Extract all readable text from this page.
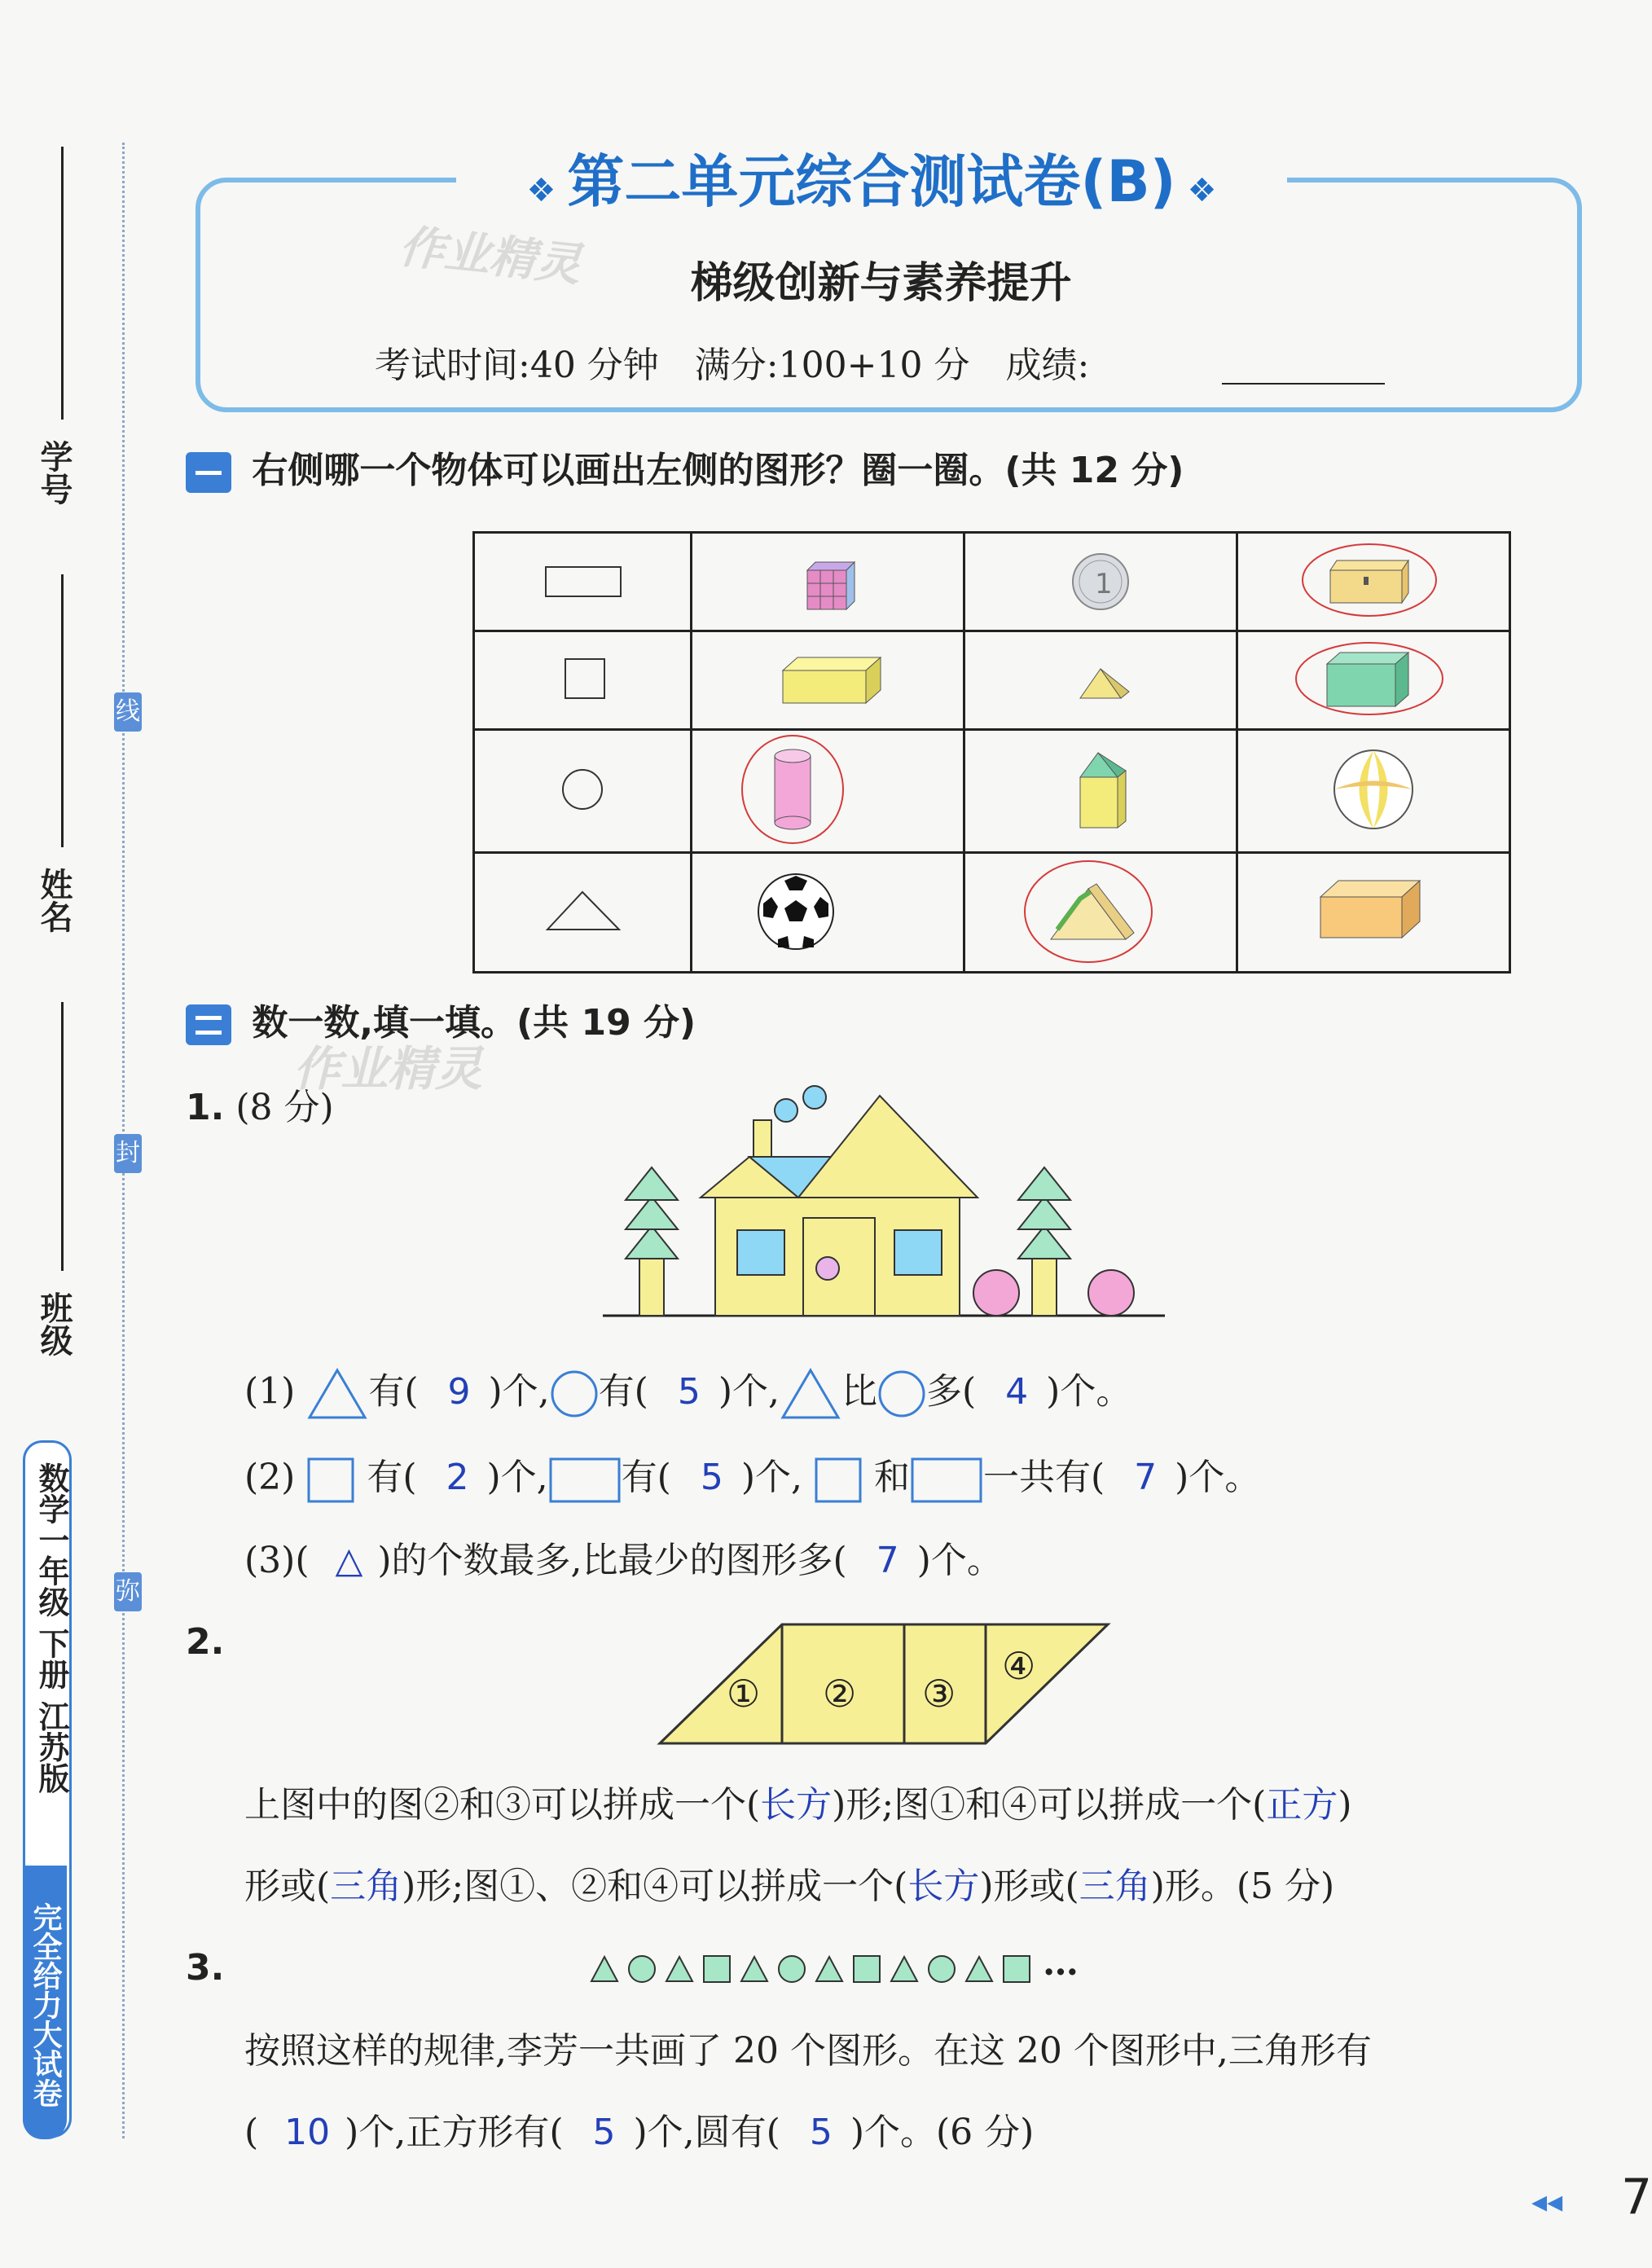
学号
姓名
班级
线
封
弥
数学一年级 下册 江苏版
完全给力大试卷
❖ 第二单元综合测试卷(B) ❖
作业精灵	梯级创新与素养提升
考试时间:40 分钟　满分:100+10 分　成绩:
右侧哪一个物体可以画出左侧的图形？圈一圈。(共 12 分)

1

数一数,填一填。(共 19 分)
作业精灵
1. (8 分)
(1) 有( 9 )个, 有( 5 )个, 比 多( 4 )个。
(2) 有( 2 )个, 有( 5 )个, 和 一共有( 7 )个。
(3)( △ )的个数最多,比最少的图形多( 7 )个。
2.
① ② ③
④
上图中的图②和③可以拼成一个(长方)形;图①和④可以拼成一个(正方)
形或(三角)形;图①、②和④可以拼成一个(长方)形或(三角)形。(5 分)
3.	…
按照这样的规律,李芳一共画了 20 个图形。在这 20 个图形中,三角形有
( 10 )个,正方形有( 5 )个,圆有( 5 )个。(6 分)
◂◂ 7
